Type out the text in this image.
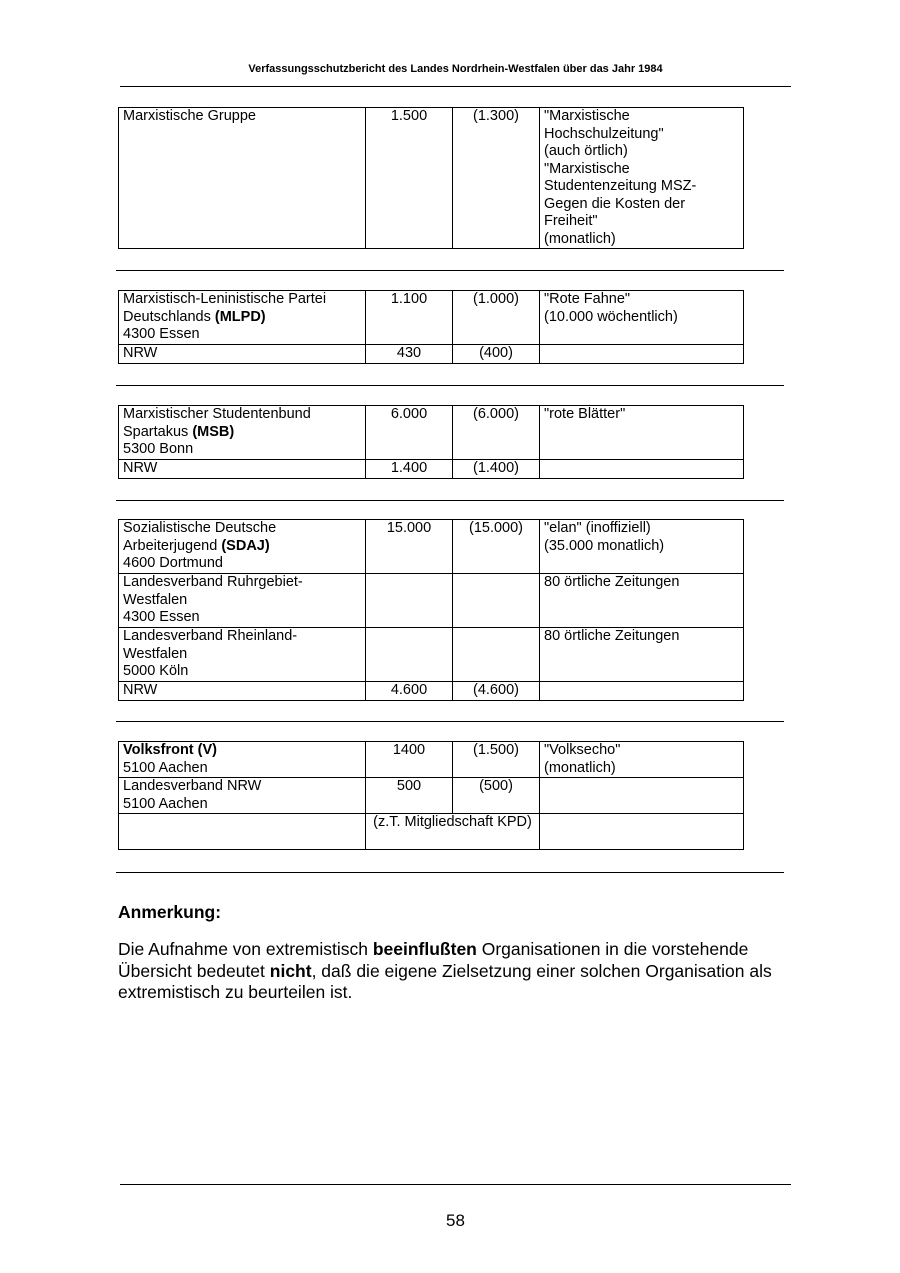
Verfassungsschutzbericht des Landes Nordrhein-Westfalen über das Jahr 1984
Marxistische Gruppe	1.500	(1.300)	"Marxistische Hochschulzeitung"
(auch örtlich)
"Marxistische Studentenzeitung MSZ-Gegen die Kosten der Freiheit"
(monatlich)
Marxistisch-Leninistische Partei Deutschlands (MLPD)
4300 Essen	1.100	(1.000)	"Rote Fahne"
(10.000 wöchentlich)
NRW	430	(400)	
Marxistischer Studentenbund Spartakus (MSB)
5300 Bonn	6.000	(6.000)	"rote Blätter"
NRW	1.400	(1.400)	
Sozialistische Deutsche Arbeiterjugend (SDAJ)
4600 Dortmund	15.000	(15.000)	"elan" (inoffiziell)
(35.000 monatlich)
Landesverband Ruhrgebiet-Westfalen
4300 Essen			80 örtliche Zeitungen
Landesverband Rheinland-Westfalen
5000 Köln			80 örtliche Zeitungen
NRW	4.600	(4.600)	
Volksfront (V)
5100 Aachen	1400	(1.500)	"Volksecho"
(monatlich)
Landesverband NRW
5100 Aachen	500	(500)	
	(z.T. Mitgliedschaft KPD)		
Anmerkung:
Die Aufnahme von extremistisch beeinflußten Organisationen in die vorstehende Übersicht bedeutet nicht, daß die eigene Zielsetzung einer solchen Organisation als extremistisch zu beurteilen ist.
58
